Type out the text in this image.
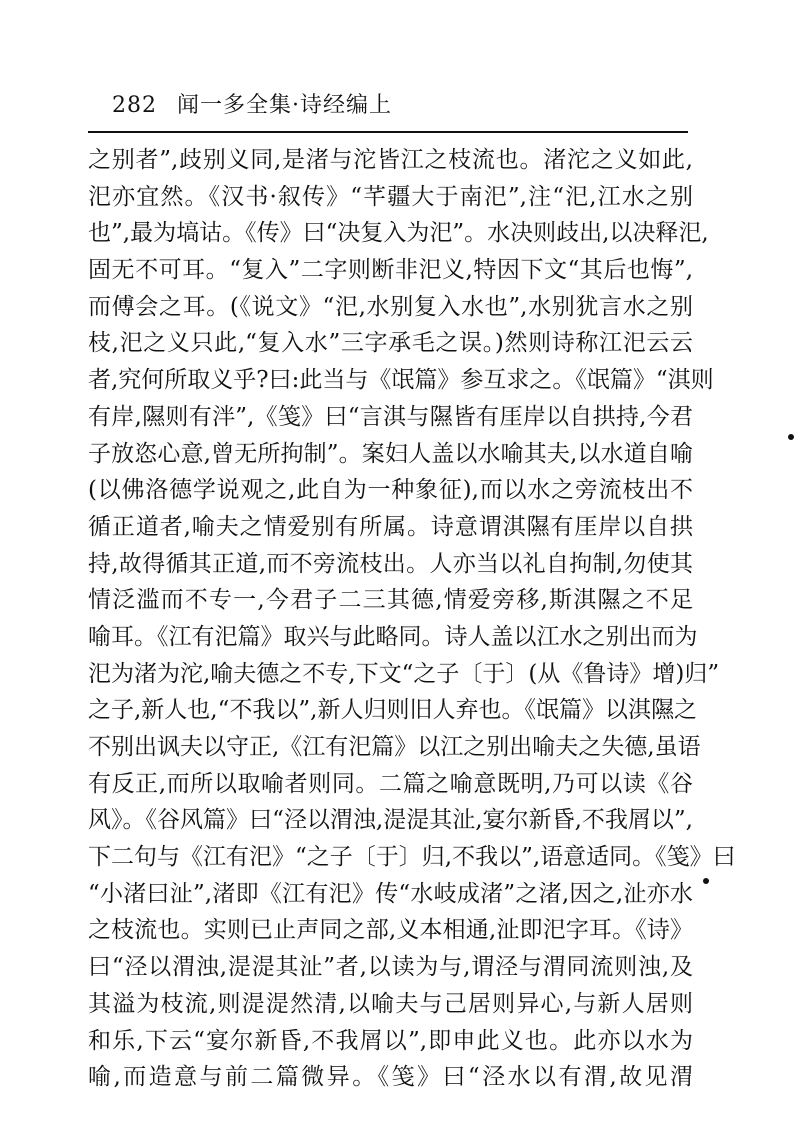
282 闻一多全集·诗经编上
之别者”,歧别义同,是渚与沱皆江之枝流也。渚沱之义如此,
汜亦宜然。《汉书·叙传》“芊疆大于南汜”,注“汜,江水之别
也”,最为塙诂。《传》曰“决复入为汜”。水决则歧出,以决释汜,
固无不可耳。“复入”二字则断非汜义,特因下文“其后也悔”,
而傅会之耳。(《说文》“汜,水别复入水也”,水别犹言水之别
枝,汜之义只此,“复入水”三字承毛之误。)然则诗称江汜云云
者,究何所取义乎?曰:此当与《氓篇》参互求之。《氓篇》“淇则
有岸,隰则有泮”,《笺》曰“言淇与隰皆有厓岸以自拱持,今君
子放恣心意,曾无所拘制”。案妇人盖以水喻其夫,以水道自喻
(以佛洛德学说观之,此自为一种象征),而以水之旁流枝出不
循正道者,喻夫之情爱别有所属。诗意谓淇隰有厓岸以自拱
持,故得循其正道,而不旁流枝出。人亦当以礼自拘制,勿使其
情泛滥而不专一,今君子二三其德,情爱旁移,斯淇隰之不足
喻耳。《江有汜篇》取兴与此略同。诗人盖以江水之别出而为
汜为渚为沱,喻夫德之不专,下文“之子〔于〕(从《鲁诗》增)归”
之子,新人也,“不我以”,新人归则旧人弃也。《氓篇》以淇隰之
不别出讽夫以守正,《江有汜篇》以江之别出喻夫之失德,虽语
有反正,而所以取喻者则同。二篇之喻意既明,乃可以读《谷
风》。《谷风篇》曰“泾以渭浊,湜湜其沚,宴尔新昏,不我屑以”,
下二句与《江有汜》“之子〔于〕归,不我以”,语意适同。《笺》曰
“小渚曰沚”,渚即《江有汜》传“水岐成渚”之渚,因之,沚亦水
之枝流也。实则已止声同之部,义本相通,沚即汜字耳。《诗》
曰“泾以渭浊,湜湜其沚”者,以读为与,谓泾与渭同流则浊,及
其溢为枝流,则湜湜然清,以喻夫与己居则异心,与新人居则
和乐,下云“宴尔新昏,不我屑以”,即申此义也。此亦以水为
喻,而造意与前二篇微异。《笺》曰“泾水以有渭,故见渭
